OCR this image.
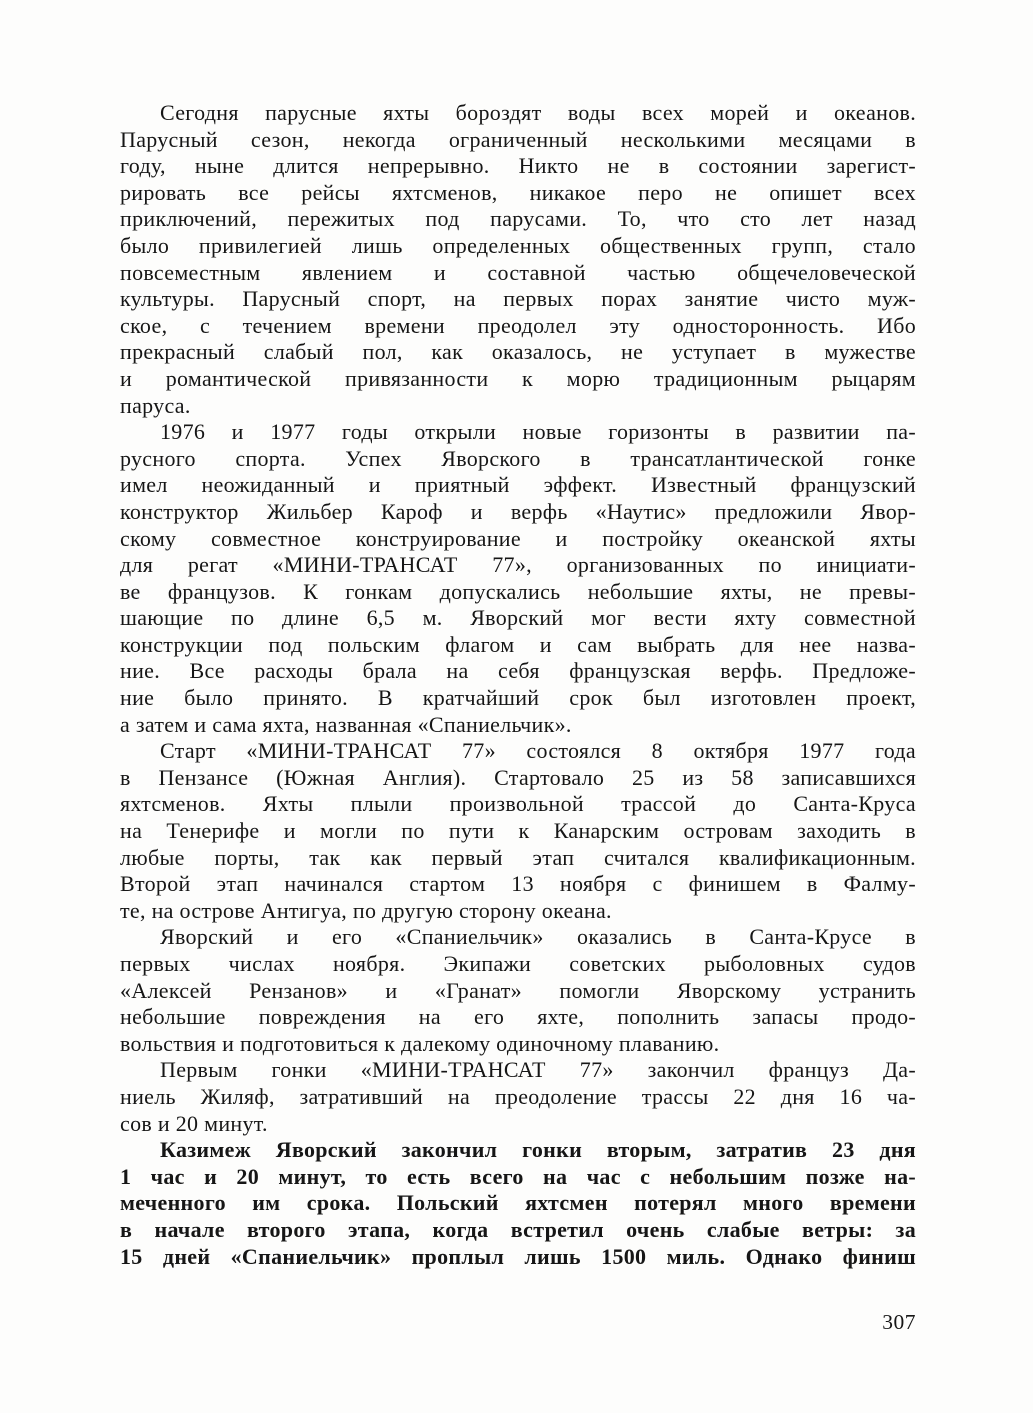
Сегодня парусные яхты бороздят воды всех морей и океанов.
Парусный сезон, некогда ограниченный несколькими месяцами в
году, ныне длится непрерывно. Никто не в состоянии зарегист-
рировать все рейсы яхтсменов, никакое перо не опишет всех
приключений, пережитых под парусами. То, что сто лет назад
было привилегией лишь определенных общественных групп, стало
повсеместным явлением и составной частью общечеловеческой
культуры. Парусный спорт, на первых порах занятие чисто муж-
ское, с течением времени преодолел эту односторонность. Ибо
прекрасный слабый пол, как оказалось, не уступает в мужестве
и романтической привязанности к морю традиционным рыцарям
паруса.
1976 и 1977 годы открыли новые горизонты в развитии па-
русного спорта. Успех Яворского в трансатлантической гонке
имел неожиданный и приятный эффект. Известный французский
конструктор Жильбер Кароф и верфь «Наутис» предложили Явор-
скому совместное конструирование и постройку океанской яхты
для регат «МИНИ-ТРАНСАТ 77», организованных по инициати-
ве французов. К гонкам допускались небольшие яхты, не превы-
шающие по длине 6,5 м. Яворский мог вести яхту совместной
конструкции под польским флагом и сам выбрать для нее назва-
ние. Все расходы брала на себя французская верфь. Предложе-
ние было принято. В кратчайший срок был изготовлен проект,
а затем и сама яхта, названная «Спаниельчик».
Старт «МИНИ-ТРАНСАТ 77» состоялся 8 октября 1977 года
в Пензансе (Южная Англия). Стартовало 25 из 58 записавшихся
яхтсменов. Яхты плыли произвольной трассой до Санта-Круса
на Тенерифе и могли по пути к Канарским островам заходить в
любые порты, так как первый этап считался квалификационным.
Второй этап начинался стартом 13 ноября с финишем в Фалму-
те, на острове Антигуа, по другую сторону океана.
Яворский и его «Спаниельчик» оказались в Санта-Крусе в
первых числах ноября. Экипажи советских рыболовных судов
«Алексей Рензанов» и «Гранат» помогли Яворскому устранить
небольшие повреждения на его яхте, пополнить запасы продо-
вольствия и подготовиться к далекому одиночному плаванию.
Первым гонки «МИНИ-ТРАНСАТ 77» закончил француз Да-
ниель Жиляф, затративший на преодоление трассы 22 дня 16 ча-
сов и 20 минут.
Казимеж Яворский закончил гонки вторым, затратив 23 дня
1 час и 20 минут, то есть всего на час с небольшим позже на-
меченного им срока. Польский яхтсмен потерял много времени
в начале второго этапа, когда встретил очень слабые ветры: за
15 дней «Спаниельчик» проплыл лишь 1500 миль. Однако финиш
307
